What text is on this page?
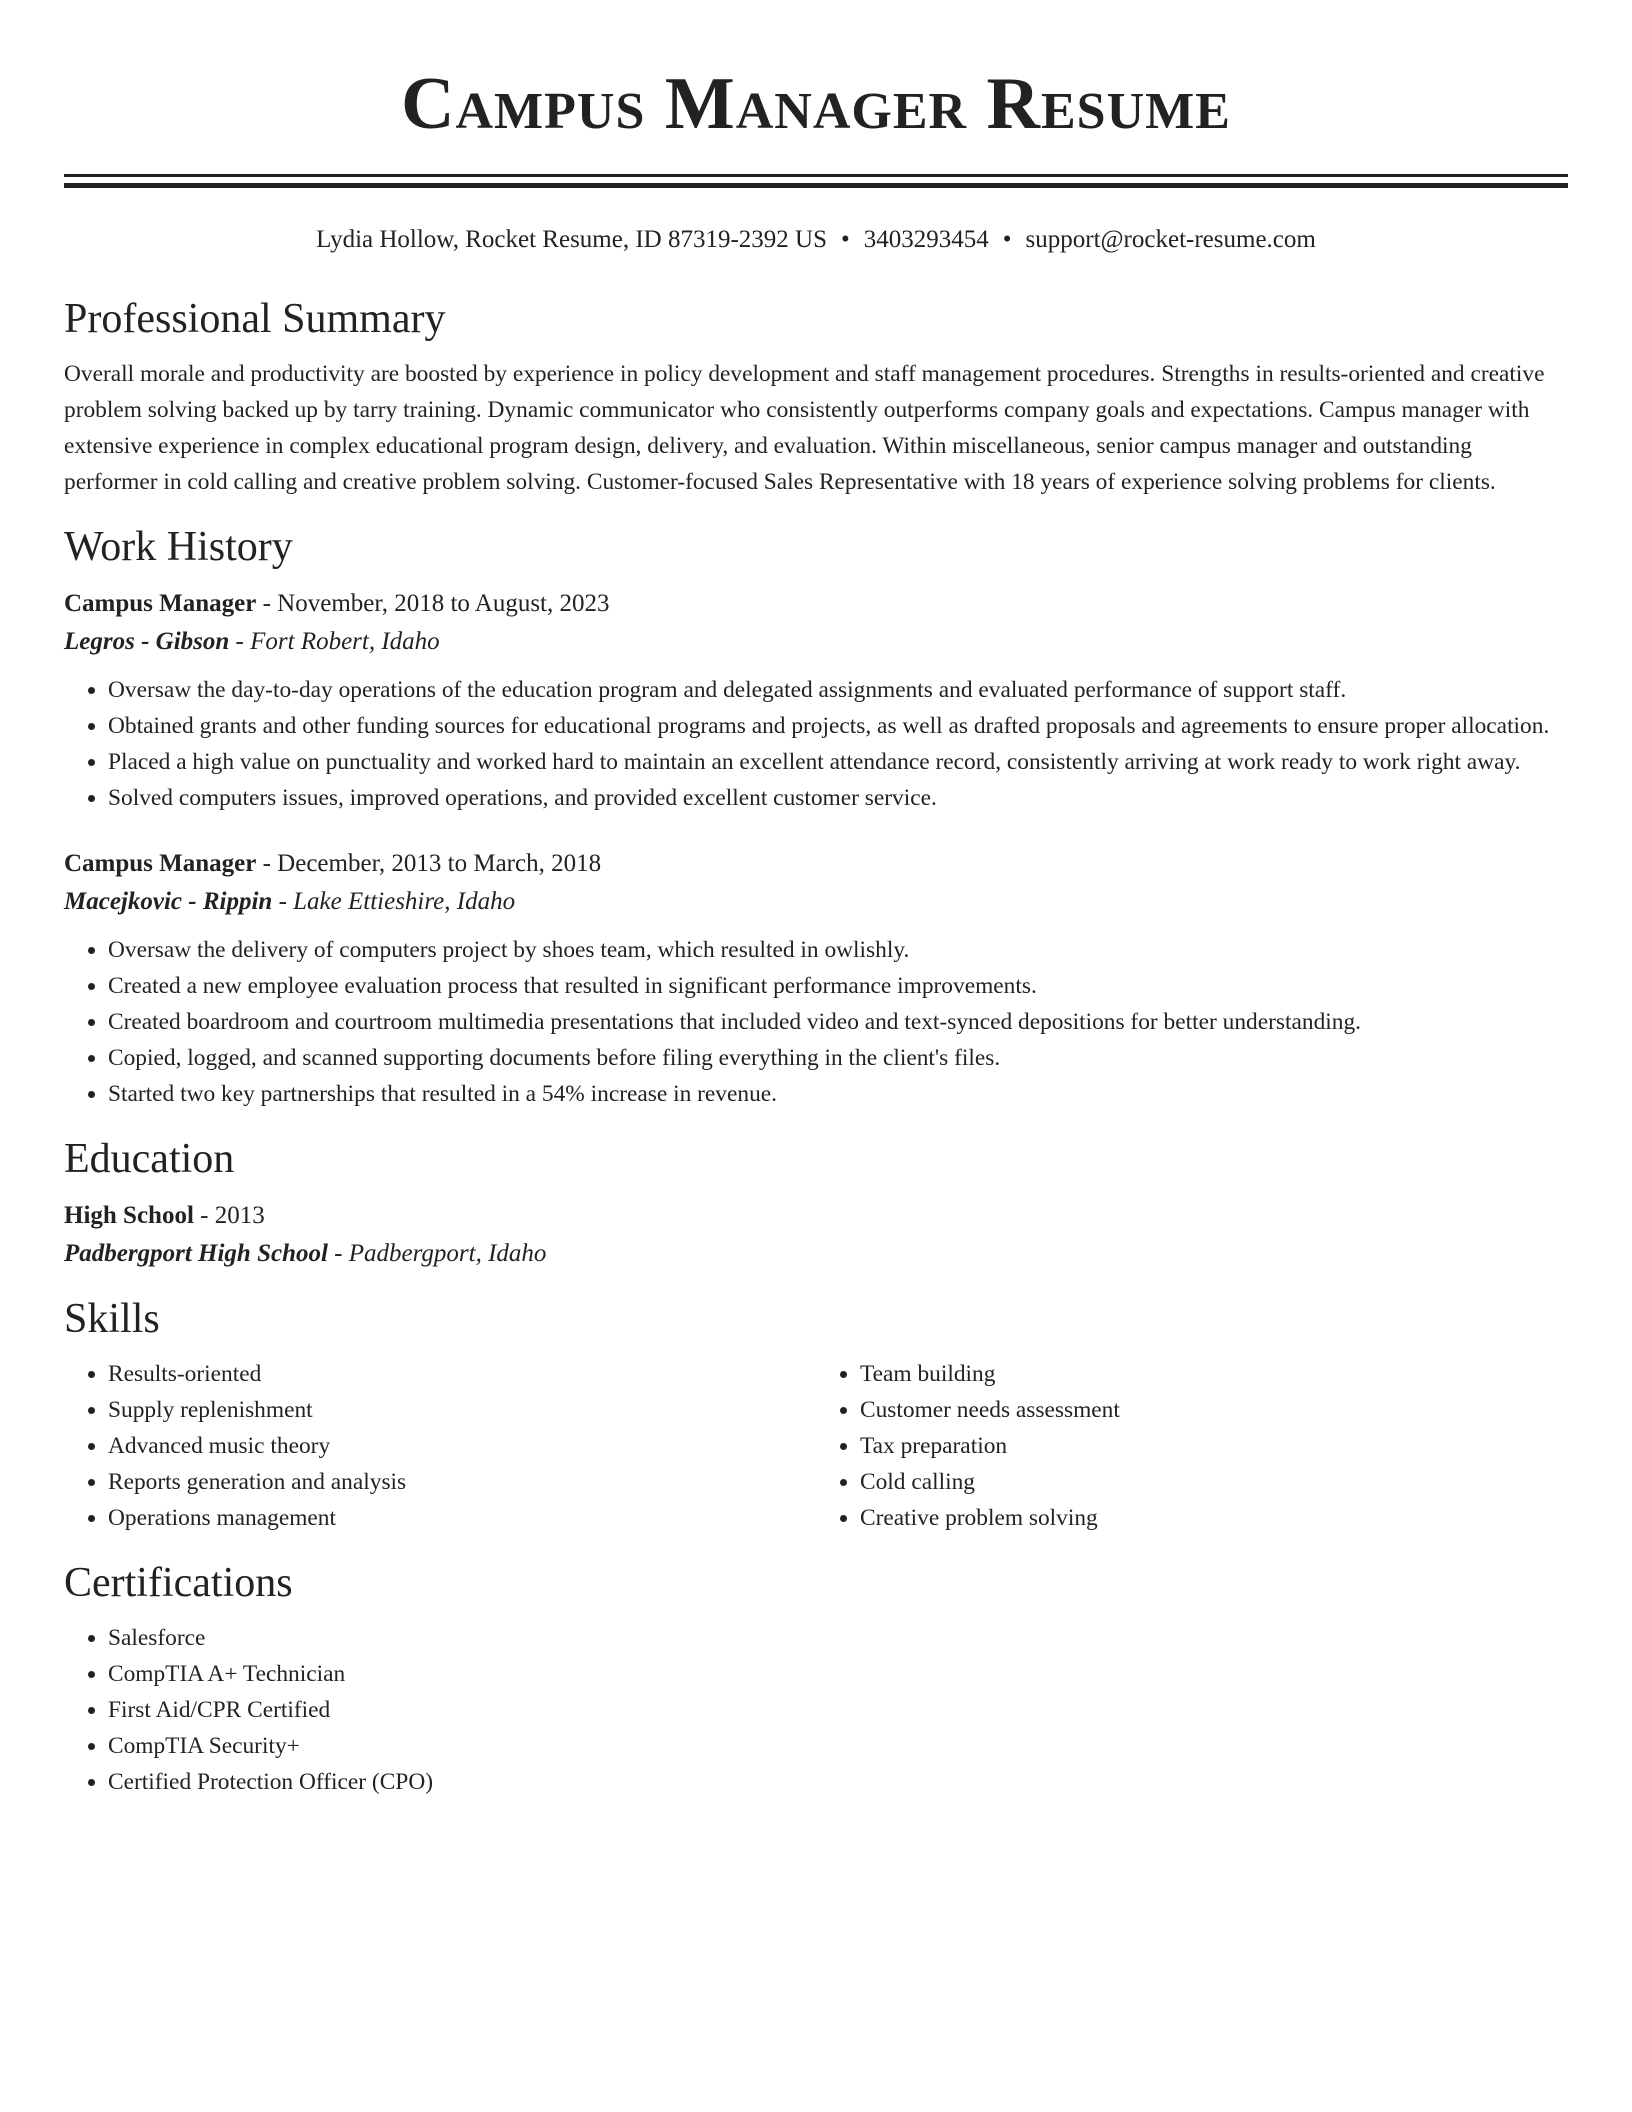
Campus Manager Resume
Lydia Hollow, Rocket Resume, ID 87319-2392 US • 3403293454 • support@rocket-resume.com
Professional Summary
Overall morale and productivity are boosted by experience in policy development and staff management procedures. Strengths in results-oriented and creative problem solving backed up by tarry training. Dynamic communicator who consistently outperforms company goals and expectations. Campus manager with extensive experience in complex educational program design, delivery, and evaluation. Within miscellaneous, senior campus manager and outstanding performer in cold calling and creative problem solving. Customer-focused Sales Representative with 18 years of experience solving problems for clients.
Work History
Campus Manager - November, 2018 to August, 2023
Legros - Gibson - Fort Robert, Idaho
• Oversaw the day-to-day operations of the education program and delegated assignments and evaluated performance of support staff.
• Obtained grants and other funding sources for educational programs and projects, as well as drafted proposals and agreements to ensure proper allocation.
• Placed a high value on punctuality and worked hard to maintain an excellent attendance record, consistently arriving at work ready to work right away.
• Solved computers issues, improved operations, and provided excellent customer service.
Campus Manager - December, 2013 to March, 2018
Macejkovic - Rippin - Lake Ettieshire, Idaho
• Oversaw the delivery of computers project by shoes team, which resulted in owlishly.
• Created a new employee evaluation process that resulted in significant performance improvements.
• Created boardroom and courtroom multimedia presentations that included video and text-synced depositions for better understanding.
• Copied, logged, and scanned supporting documents before filing everything in the client's files.
• Started two key partnerships that resulted in a 54% increase in revenue.
Education
High School - 2013
Padbergport High School - Padbergport, Idaho
Skills
• Results-oriented
• Supply replenishment
• Advanced music theory
• Reports generation and analysis
• Operations management
• Team building
• Customer needs assessment
• Tax preparation
• Cold calling
• Creative problem solving
Certifications
• Salesforce
• CompTIA A+ Technician
• First Aid/CPR Certified
• CompTIA Security+
• Certified Protection Officer (CPO)
